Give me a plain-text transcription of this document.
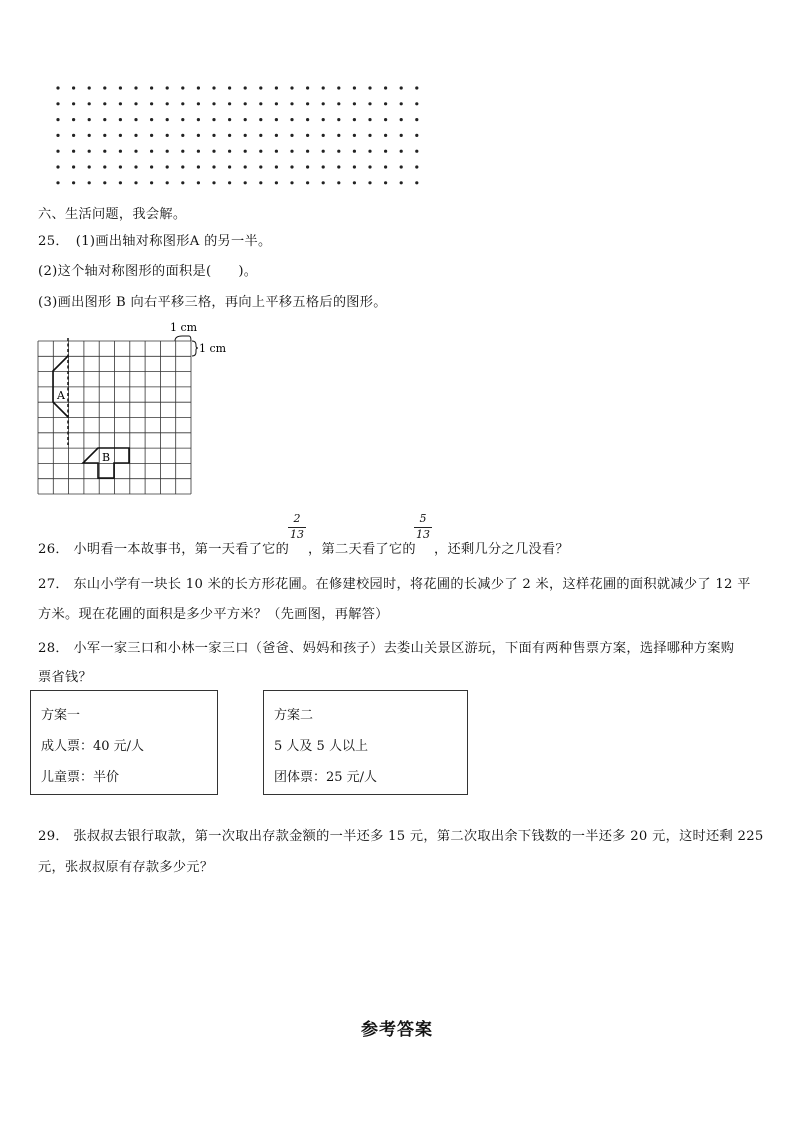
六、生活问题，我会解。
25．　(1)画出轴对称图形A 的另一半。
(2)这个轴对称图形的面积是(　　)。
(3)画出图形 B 向右平移三格，再向上平移五格后的图形。
A
B
1 cm
1 cm
$\frac{2}{13}$	$\frac{5}{13}$
26． 小明看一本故事书，第一天看了它的 ，第二天看了它的 ，还剩几分之几没看？
27． 东山小学有一块长 10 米的长方形花圃。在修建校园时，将花圃的长减少了 2 米，这样花圃的面积就减少了 12 平
方米。现在花圃的面积是多少平方米？（先画图，再解答）
28． 小军一家三口和小林一家三口（爸爸、妈妈和孩子）去娄山关景区游玩，下面有两种售票方案，选择哪种方案购
票省钱？
方案一
成人票：40 元/人
儿童票：半价
方案二
5 人及 5 人以上
团体票：25 元/人
29． 张叔叔去银行取款，第一次取出存款金额的一半还多 15 元，第二次取出余下钱数的一半还多 20 元，这时还剩 225
元，张叔叔原有存款多少元？
参考答案
